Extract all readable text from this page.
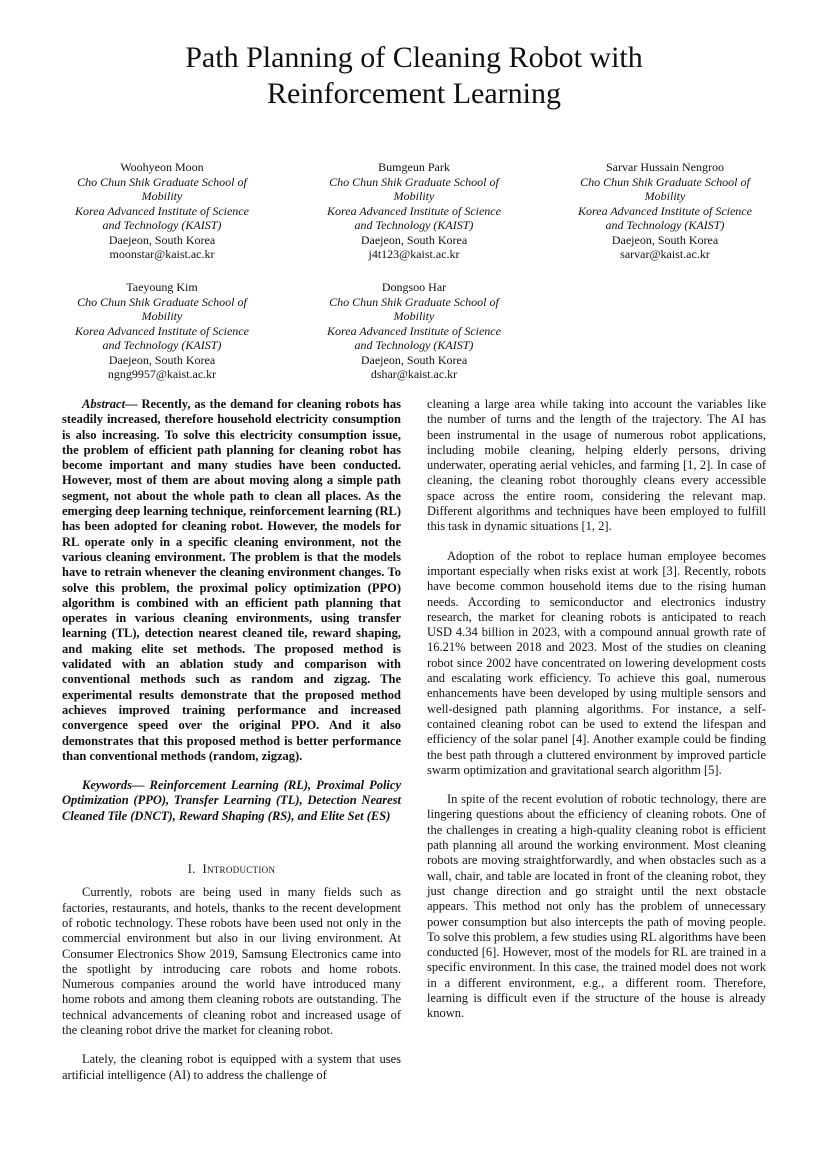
Path Planning of Cleaning Robot with
Reinforcement Learning
Woohyeon Moon
Cho Chun Shik Graduate School of
Mobility
Korea Advanced Institute of Science
and Technology (KAIST)
Daejeon, South Korea
moonstar@kaist.ac.kr
Bumgeun Park
Cho Chun Shik Graduate School of
Mobility
Korea Advanced Institute of Science
and Technology (KAIST)
Daejeon, South Korea
j4t123@kaist.ac.kr
Sarvar Hussain Nengroo
Cho Chun Shik Graduate School of
Mobility
Korea Advanced Institute of Science
and Technology (KAIST)
Daejeon, South Korea
sarvar@kaist.ac.kr
Taeyoung Kim
Cho Chun Shik Graduate School of
Mobility
Korea Advanced Institute of Science
and Technology (KAIST)
Daejeon, South Korea
ngng9957@kaist.ac.kr
Dongsoo Har
Cho Chun Shik Graduate School of
Mobility
Korea Advanced Institute of Science
and Technology (KAIST)
Daejeon, South Korea
dshar@kaist.ac.kr

Abstract— Recently, as the demand for cleaning robots has steadily increased, therefore household electricity consumption is also increasing. To solve this electricity consumption issue, the problem of efficient path planning for cleaning robot has become important and many studies have been conducted. However, most of them are about moving along a simple path segment, not about the whole path to clean all places. As the emerging deep learning technique, reinforcement learning (RL) has been adopted for cleaning robot. However, the models for RL operate only in a specific cleaning environment, not the various cleaning environment. The problem is that the models have to retrain whenever the cleaning environment changes. To solve this problem, the proximal policy optimization (PPO) algorithm is combined with an efficient path planning that operates in various cleaning environments, using transfer learning (TL), detection nearest cleaned tile, reward shaping, and making elite set methods. The proposed method is validated with an ablation study and comparison with conventional methods such as random and zigzag. The experimental results demonstrate that the proposed method achieves improved training performance and increased convergence speed over the original PPO. And it also demonstrates that this proposed method is better performance than conventional methods (random, zigzag).

Keywords— Reinforcement Learning (RL), Proximal Policy Optimization (PPO), Transfer Learning (TL), Detection Nearest Cleaned Tile (DNCT), Reward Shaping (RS), and Elite Set (ES)

I. Introduction

Currently, robots are being used in many fields such as factories, restaurants, and hotels, thanks to the recent development of robotic technology. These robots have been used not only in the commercial environment but also in our living environment. At Consumer Electronics Show 2019, Samsung Electronics came into the spotlight by introducing care robots and home robots. Numerous companies around the world have introduced many home robots and among them cleaning robots are outstanding. The technical advancements of cleaning robot and increased usage of the cleaning robot drive the market for cleaning robot.

Lately, the cleaning robot is equipped with a system that uses artificial intelligence (AI) to address the challenge of

cleaning a large area while taking into account the variables like the number of turns and the length of the trajectory. The AI has been instrumental in the usage of numerous robot applications, including mobile cleaning, helping elderly persons, driving underwater, operating aerial vehicles, and farming [1, 2]. In case of cleaning, the cleaning robot thoroughly cleans every accessible space across the entire room, considering the relevant map. Different algorithms and techniques have been employed to fulfill this task in dynamic situations [1, 2].

Adoption of the robot to replace human employee becomes important especially when risks exist at work [3]. Recently, robots have become common household items due to the rising human needs. According to semiconductor and electronics industry research, the market for cleaning robots is anticipated to reach USD 4.34 billion in 2023, with a compound annual growth rate of 16.21% between 2018 and 2023. Most of the studies on cleaning robot since 2002 have concentrated on lowering development costs and escalating work efficiency. To achieve this goal, numerous enhancements have been developed by using multiple sensors and well-designed path planning algorithms. For instance, a self-contained cleaning robot can be used to extend the lifespan and efficiency of the solar panel [4]. Another example could be finding the best path through a cluttered environment by improved particle swarm optimization and gravitational search algorithm [5].

In spite of the recent evolution of robotic technology, there are lingering questions about the efficiency of cleaning robots. One of the challenges in creating a high-quality cleaning robot is efficient path planning all around the working environment. Most cleaning robots are moving straightforwardly, and when obstacles such as a wall, chair, and table are located in front of the cleaning robot, they just change direction and go straight until the next obstacle appears. This method not only has the problem of unnecessary power consumption but also intercepts the path of moving people. To solve this problem, a few studies using RL algorithms have been conducted [6]. However, most of the models for RL are trained in a specific environment. In this case, the trained model does not work in a different environment, e.g., a different room. Therefore, learning is difficult even if the structure of the house is already known.
